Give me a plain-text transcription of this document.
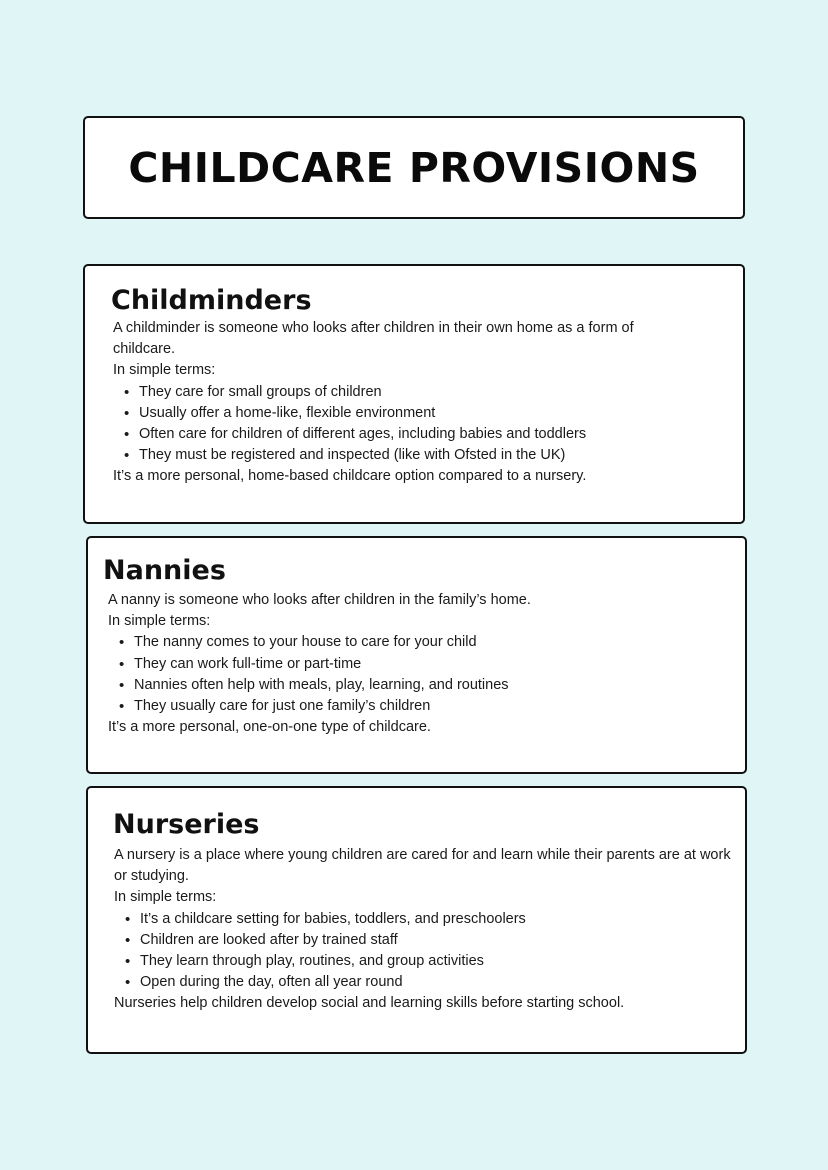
CHILDCARE PROVISIONS
Childminders

A childminder is someone who looks after children in their own home as a form of childcare.

In simple terms:

• They care for small groups of children
• Usually offer a home-like, flexible environment
• Often care for children of different ages, including babies and toddlers
• They must be registered and inspected (like with Ofsted in the UK)

It’s a more personal, home-based childcare option compared to a nursery.

Nannies

A nanny is someone who looks after children in the family’s home.

In simple terms:

• The nanny comes to your house to care for your child
• They can work full-time or part-time
• Nannies often help with meals, play, learning, and routines
• They usually care for just one family’s children

It’s a more personal, one-on-one type of childcare.

Nurseries

A nursery is a place where young children are cared for and learn while their parents are at work or studying.

In simple terms:

• It’s a childcare setting for babies, toddlers, and preschoolers
• Children are looked after by trained staff
• They learn through play, routines, and group activities
• Open during the day, often all year round

Nurseries help children develop social and learning skills before starting school.
